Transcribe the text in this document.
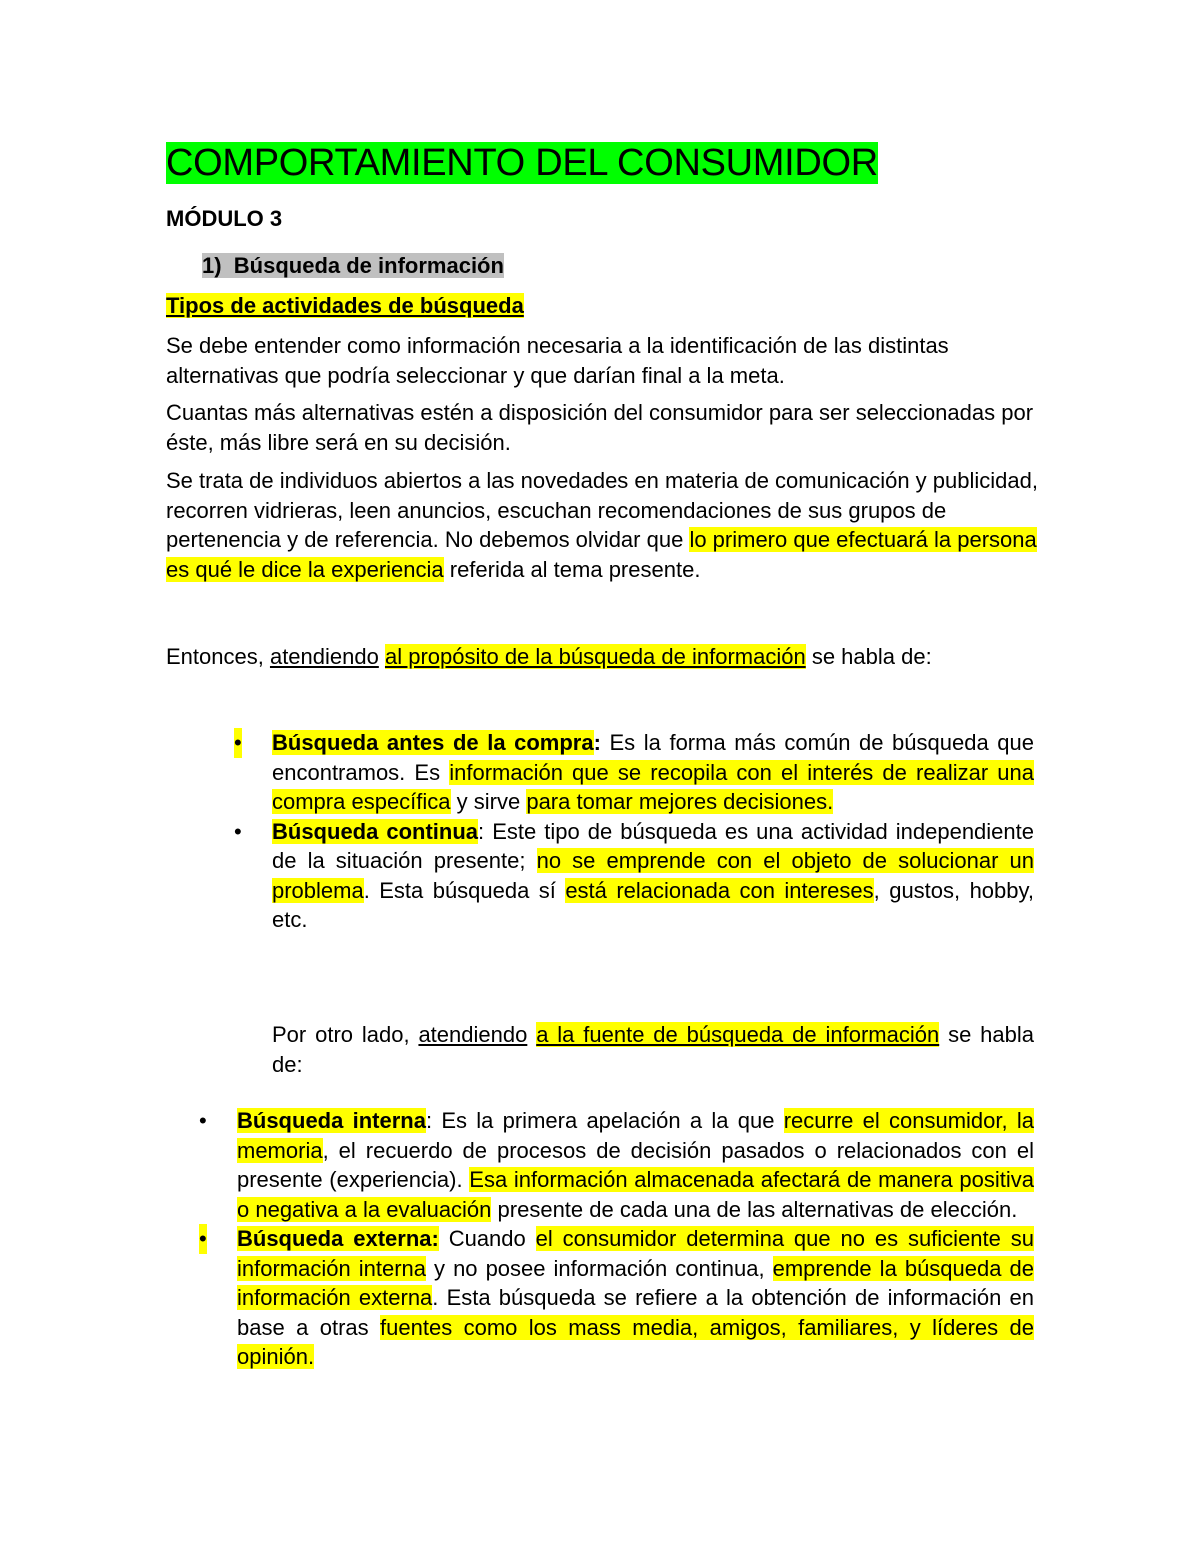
COMPORTAMIENTO DEL CONSUMIDOR

MÓDULO 3

1)  Búsqueda de información

Tipos de actividades de búsqueda

Se debe entender como información necesaria a la identificación de las distintas alternativas que podría seleccionar y que darían final a la meta.

Cuantas más alternativas estén a disposición del consumidor para ser seleccionadas por éste, más libre será en su decisión.

Se trata de individuos abiertos a las novedades en materia de comunicación y publicidad, recorren vidrieras, leen anuncios, escuchan recomendaciones de sus grupos de pertenencia y de referencia. No debemos olvidar que lo primero que efectuará la persona es qué le dice la experiencia referida al tema presente.

Entonces, atendiendo al propósito de la búsqueda de información se habla de:

• Búsqueda antes de la compra: Es la forma más común de búsqueda que encontramos. Es información que se recopila con el interés de realizar una compra específica y sirve para tomar mejores decisiones.
• Búsqueda continua: Este tipo de búsqueda es una actividad independiente de la situación presente; no se emprende con el objeto de solucionar un problema. Esta búsqueda sí está relacionada con intereses, gustos, hobby, etc.

Por otro lado, atendiendo a la fuente de búsqueda de información se habla de:

• Búsqueda interna: Es la primera apelación a la que recurre el consumidor, la memoria, el recuerdo de procesos de decisión pasados o relacionados con el presente (experiencia). Esa información almacenada afectará de manera positiva o negativa a la evaluación presente de cada una de las alternativas de elección.
• Búsqueda externa: Cuando el consumidor determina que no es suficiente su información interna y no posee información continua, emprende la búsqueda de información externa. Esta búsqueda se refiere a la obtención de información en base a otras fuentes como los mass media, amigos, familiares, y líderes de opinión.
